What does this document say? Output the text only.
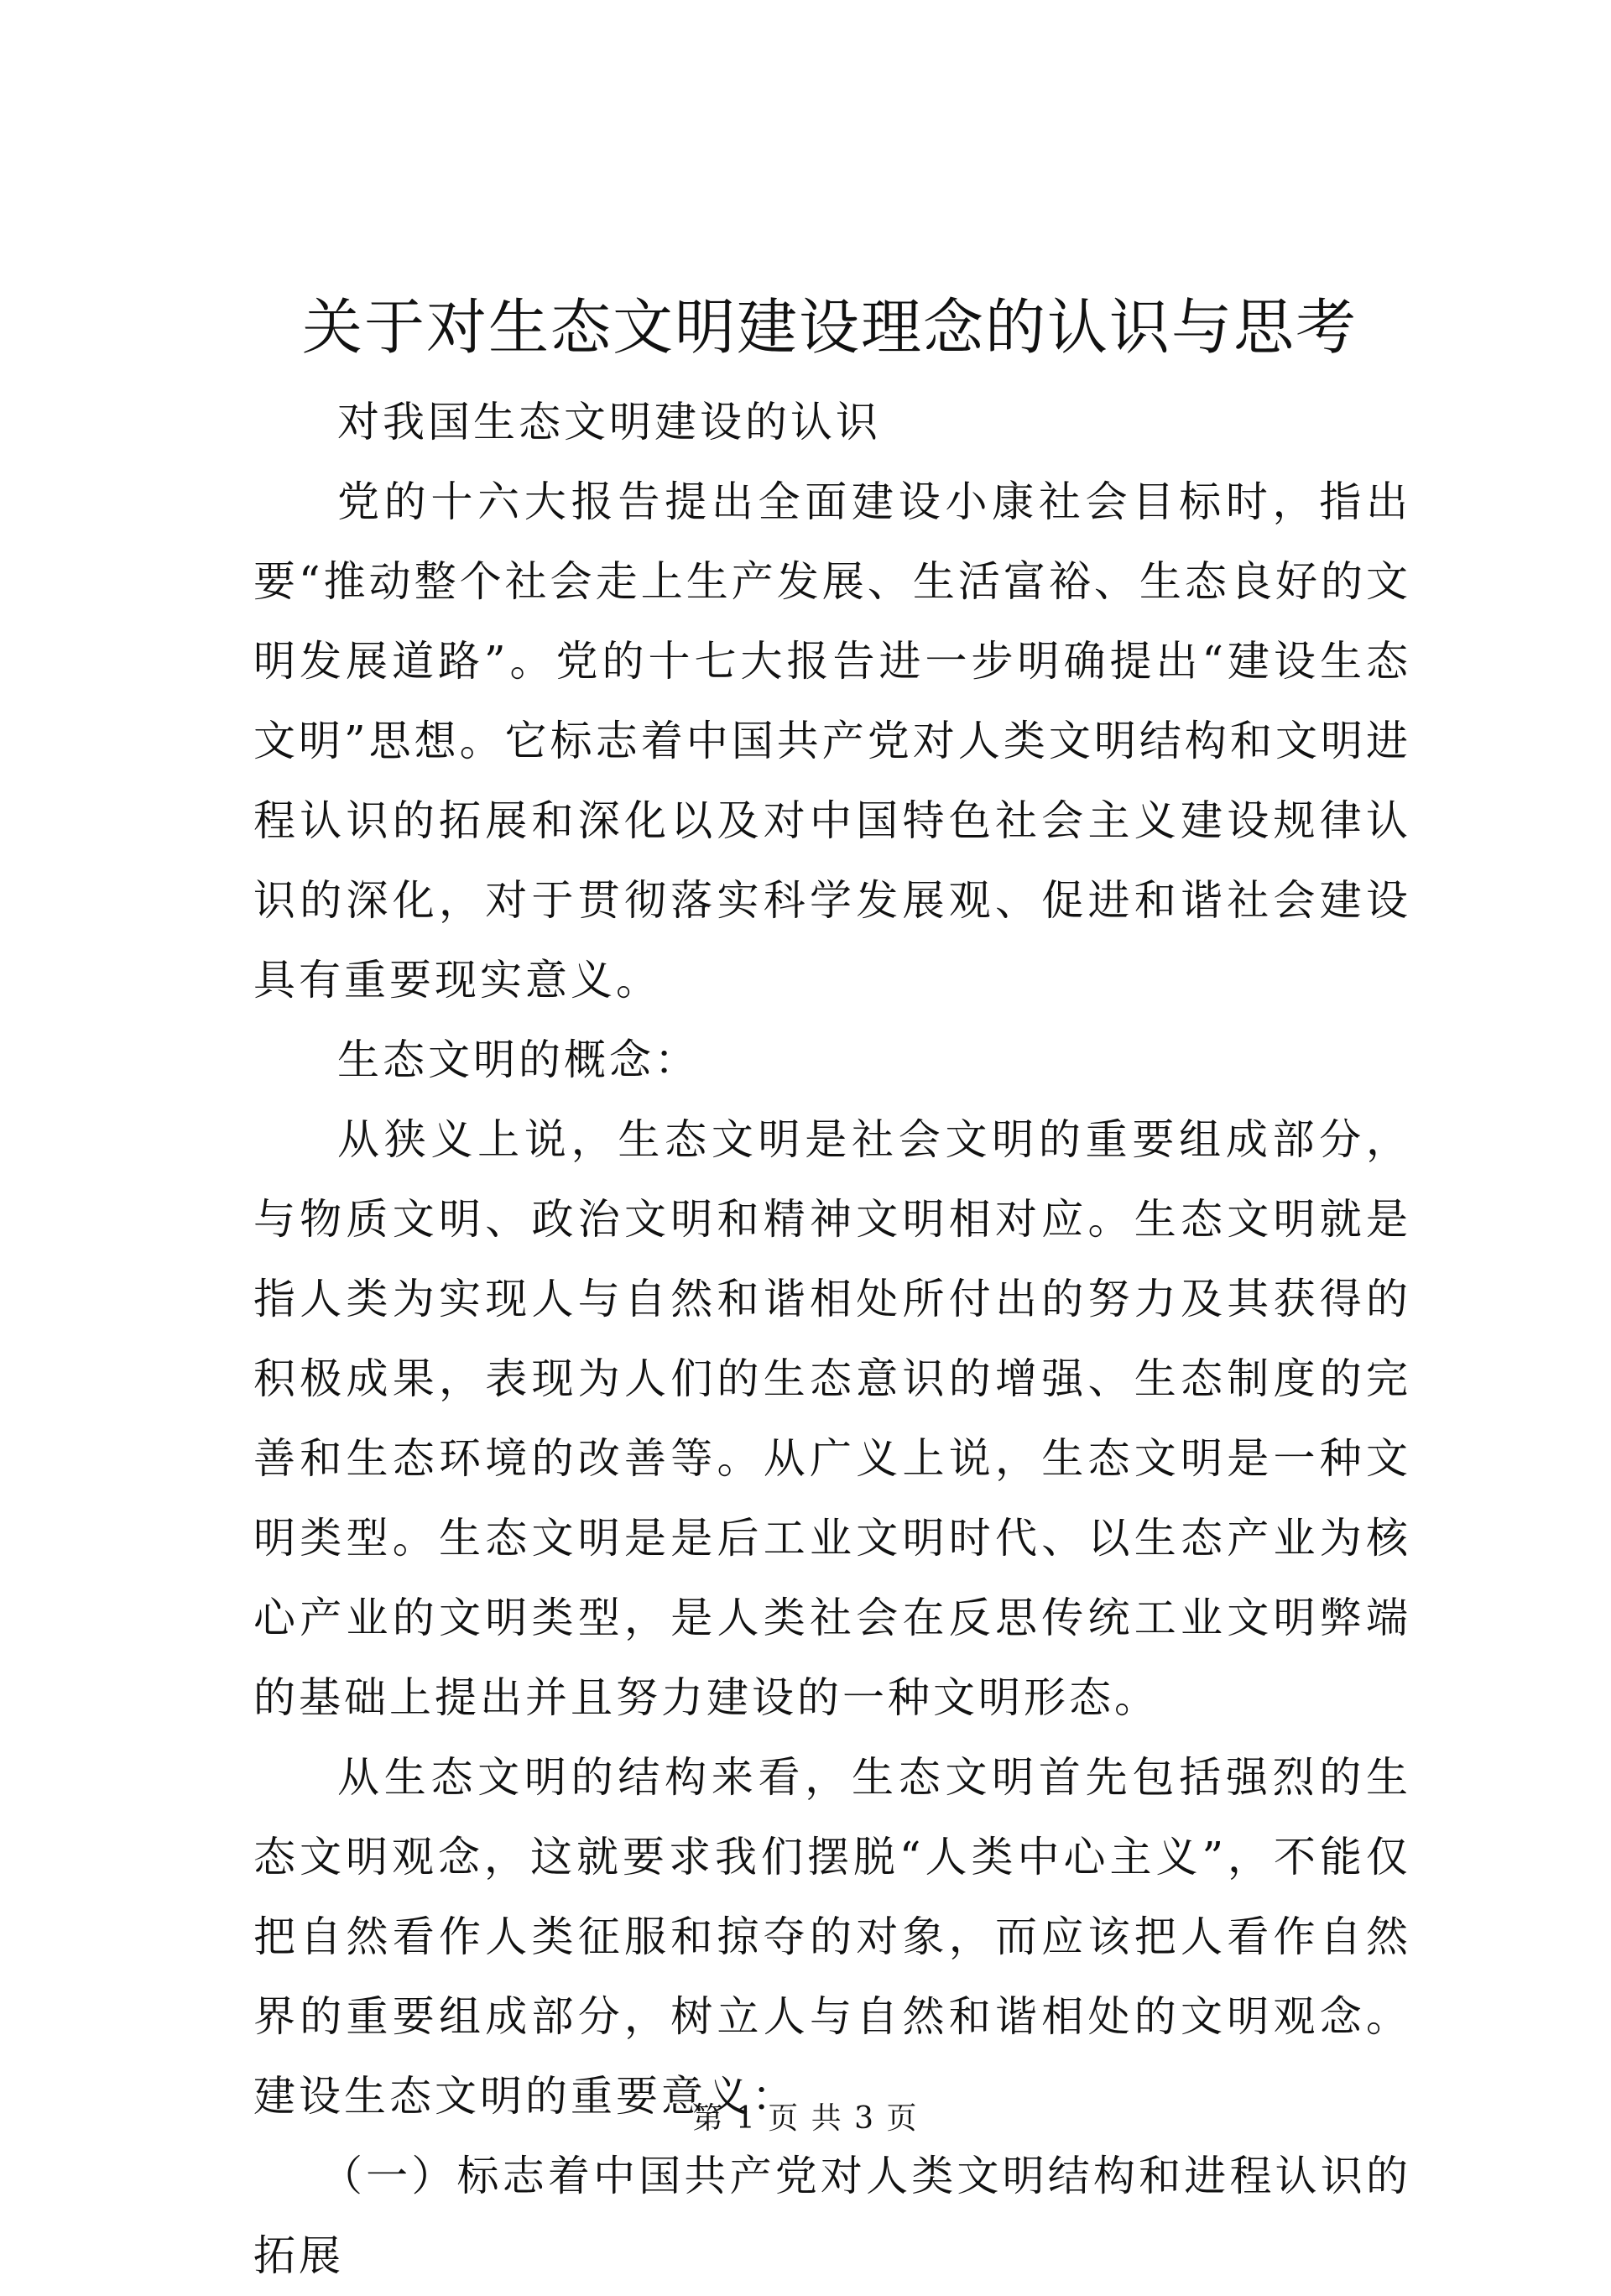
关于对生态文明建设理念的认识与思考

对我国生态文明建设的认识

党的十六大报告提出全面建设小康社会目标时，指出要“推动整个社会走上生产发展、生活富裕、生态良好的文明发展道路”。党的十七大报告进一步明确提出“建设生态文明”思想。它标志着中国共产党对人类文明结构和文明进程认识的拓展和深化以及对中国特色社会主义建设规律认识的深化，对于贯彻落实科学发展观、促进和谐社会建设具有重要现实意义。

生态文明的概念：

从狭义上说，生态文明是社会文明的重要组成部分，与物质文明、政治文明和精神文明相对应。生态文明就是指人类为实现人与自然和谐相处所付出的努力及其获得的积极成果，表现为人们的生态意识的增强、生态制度的完善和生态环境的改善等。从广义上说，生态文明是一种文明类型。生态文明是是后工业文明时代、以生态产业为核心产业的文明类型，是人类社会在反思传统工业文明弊端的基础上提出并且努力建设的一种文明形态。

从生态文明的结构来看，生态文明首先包括强烈的生态文明观念，这就要求我们摆脱“人类中心主义”，不能仅把自然看作人类征服和掠夺的对象，而应该把人看作自然界的重要组成部分，树立人与自然和谐相处的文明观念。建设生态文明的重要意义：

（一）标志着中国共产党对人类文明结构和进程认识的拓展

第 1 页 共 3 页
